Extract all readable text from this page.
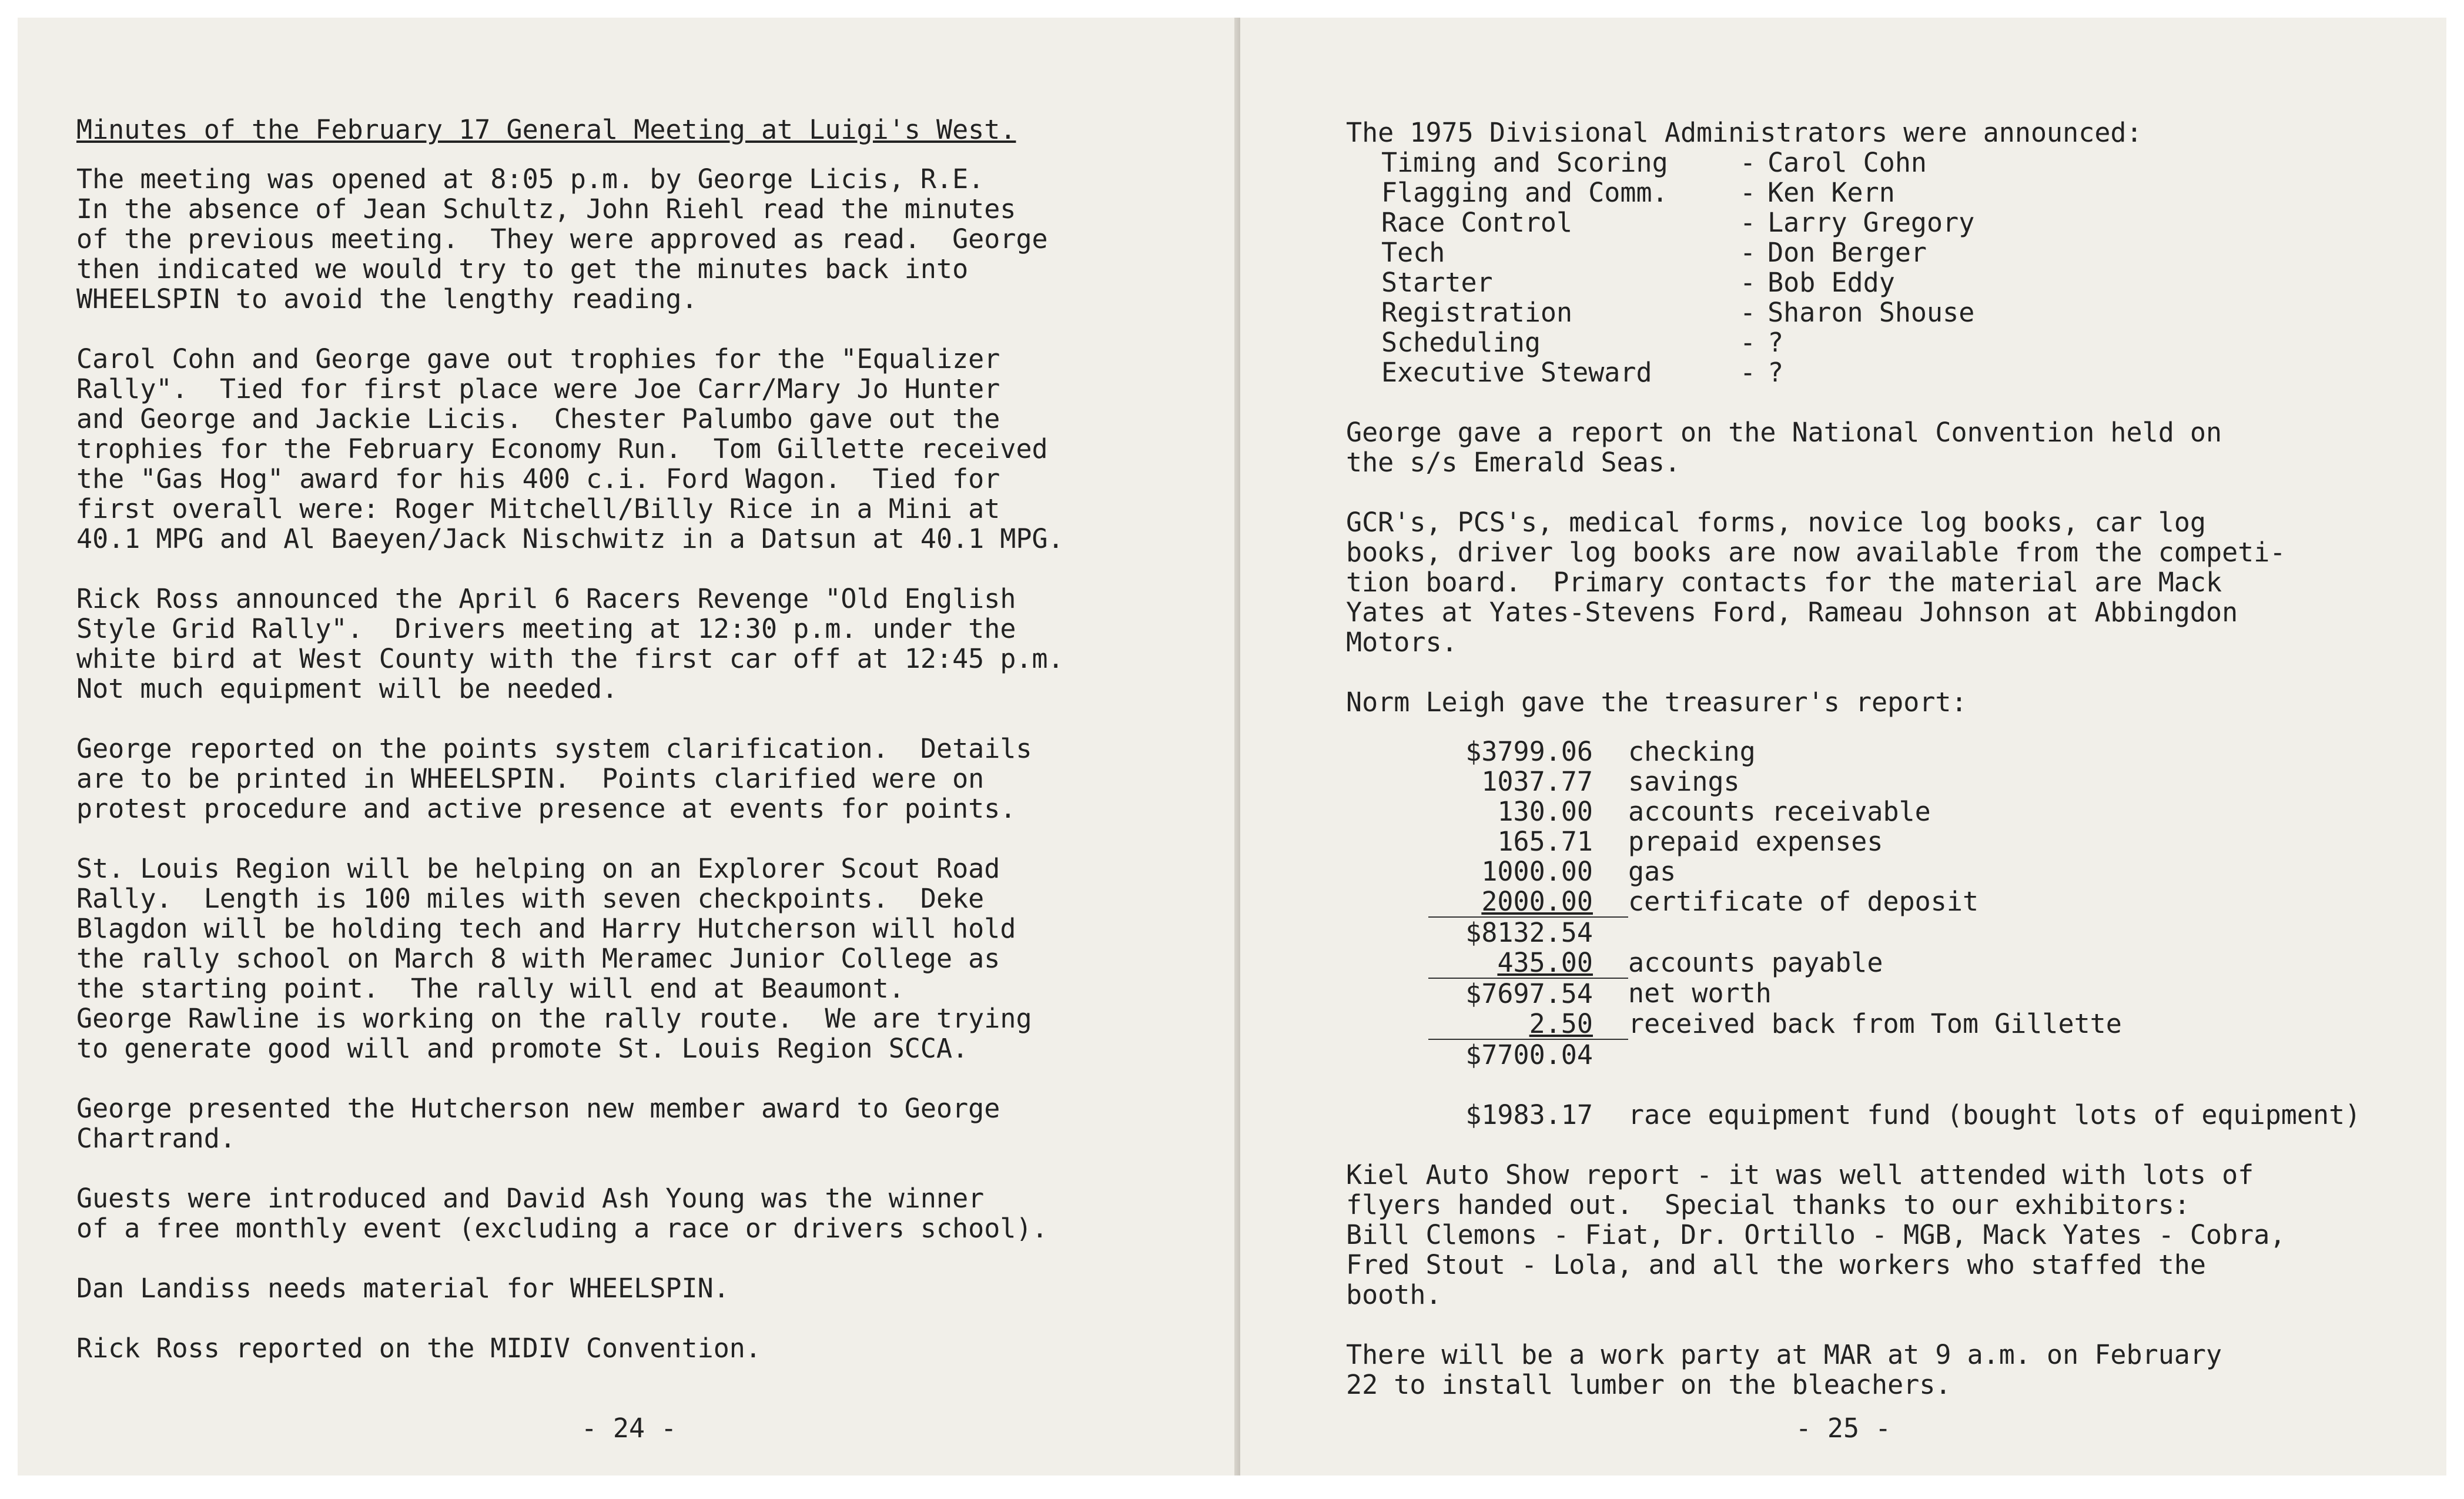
Minutes of the February 17 General Meeting at Luigi's West.
The meeting was opened at 8:05 p.m. by George Licis, R.E.
In the absence of Jean Schultz, John Riehl read the minutes
of the previous meeting.  They were approved as read.  George
then indicated we would try to get the minutes back into
WHEELSPIN to avoid the lengthy reading.
Carol Cohn and George gave out trophies for the "Equalizer
Rally".  Tied for first place were Joe Carr/Mary Jo Hunter
and George and Jackie Licis.  Chester Palumbo gave out the
trophies for the February Economy Run.  Tom Gillette received
the "Gas Hog" award for his 400 c.i. Ford Wagon.  Tied for
first overall were: Roger Mitchell/Billy Rice in a Mini at
40.1 MPG and Al Baeyen/Jack Nischwitz in a Datsun at 40.1 MPG.
Rick Ross announced the April 6 Racers Revenge "Old English
Style Grid Rally".  Drivers meeting at 12:30 p.m. under the
white bird at West County with the first car off at 12:45 p.m.
Not much equipment will be needed.
George reported on the points system clarification.  Details
are to be printed in WHEELSPIN.  Points clarified were on
protest procedure and active presence at events for points.
St. Louis Region will be helping on an Explorer Scout Road
Rally.  Length is 100 miles with seven checkpoints.  Deke
Blagdon will be holding tech and Harry Hutcherson will hold
the rally school on March 8 with Meramec Junior College as
the starting point.  The rally will end at Beaumont.
George Rawline is working on the rally route.  We are trying
to generate good will and promote St. Louis Region SCCA.
George presented the Hutcherson new member award to George
Chartrand.
Guests were introduced and David Ash Young was the winner
of a free monthly event (excluding a race or drivers school).
Dan Landiss needs material for WHEELSPIN.
Rick Ross reported on the MIDIV Convention.
- 24 -
The 1975 Divisional Administrators were announced:
Timing and Scoring	-	Carol Cohn
Flagging and Comm.	-	Ken Kern
Race Control	-	Larry Gregory
Tech	-	Don Berger
Starter	-	Bob Eddy
Registration	-	Sharon Shouse
Scheduling	-	?
Executive Steward	-	?
George gave a report on the National Convention held on
the s/s Emerald Seas.
GCR's, PCS's, medical forms, novice log books, car log
books, driver log books are now available from the competi-
tion board.  Primary contacts for the material are Mack
Yates at Yates-Stevens Ford, Rameau Johnson at Abbingdon
Motors.
Norm Leigh gave the treasurer's report:
$3799.06	checking
1037.77	savings
130.00	accounts receivable
165.71	prepaid expenses
1000.00	gas
2000.00	certificate of deposit
$8132.54	
435.00	accounts payable
$7697.54	net worth
2.50	received back from Tom Gillette
$7700.04	
$1983.17	race equipment fund (bought lots of equipment)
Kiel Auto Show report - it was well attended with lots of
flyers handed out.  Special thanks to our exhibitors:
Bill Clemons - Fiat, Dr. Ortillo - MGB, Mack Yates - Cobra,
Fred Stout - Lola, and all the workers who staffed the
booth.
There will be a work party at MAR at 9 a.m. on February
22 to install lumber on the bleachers.
- 25 -
